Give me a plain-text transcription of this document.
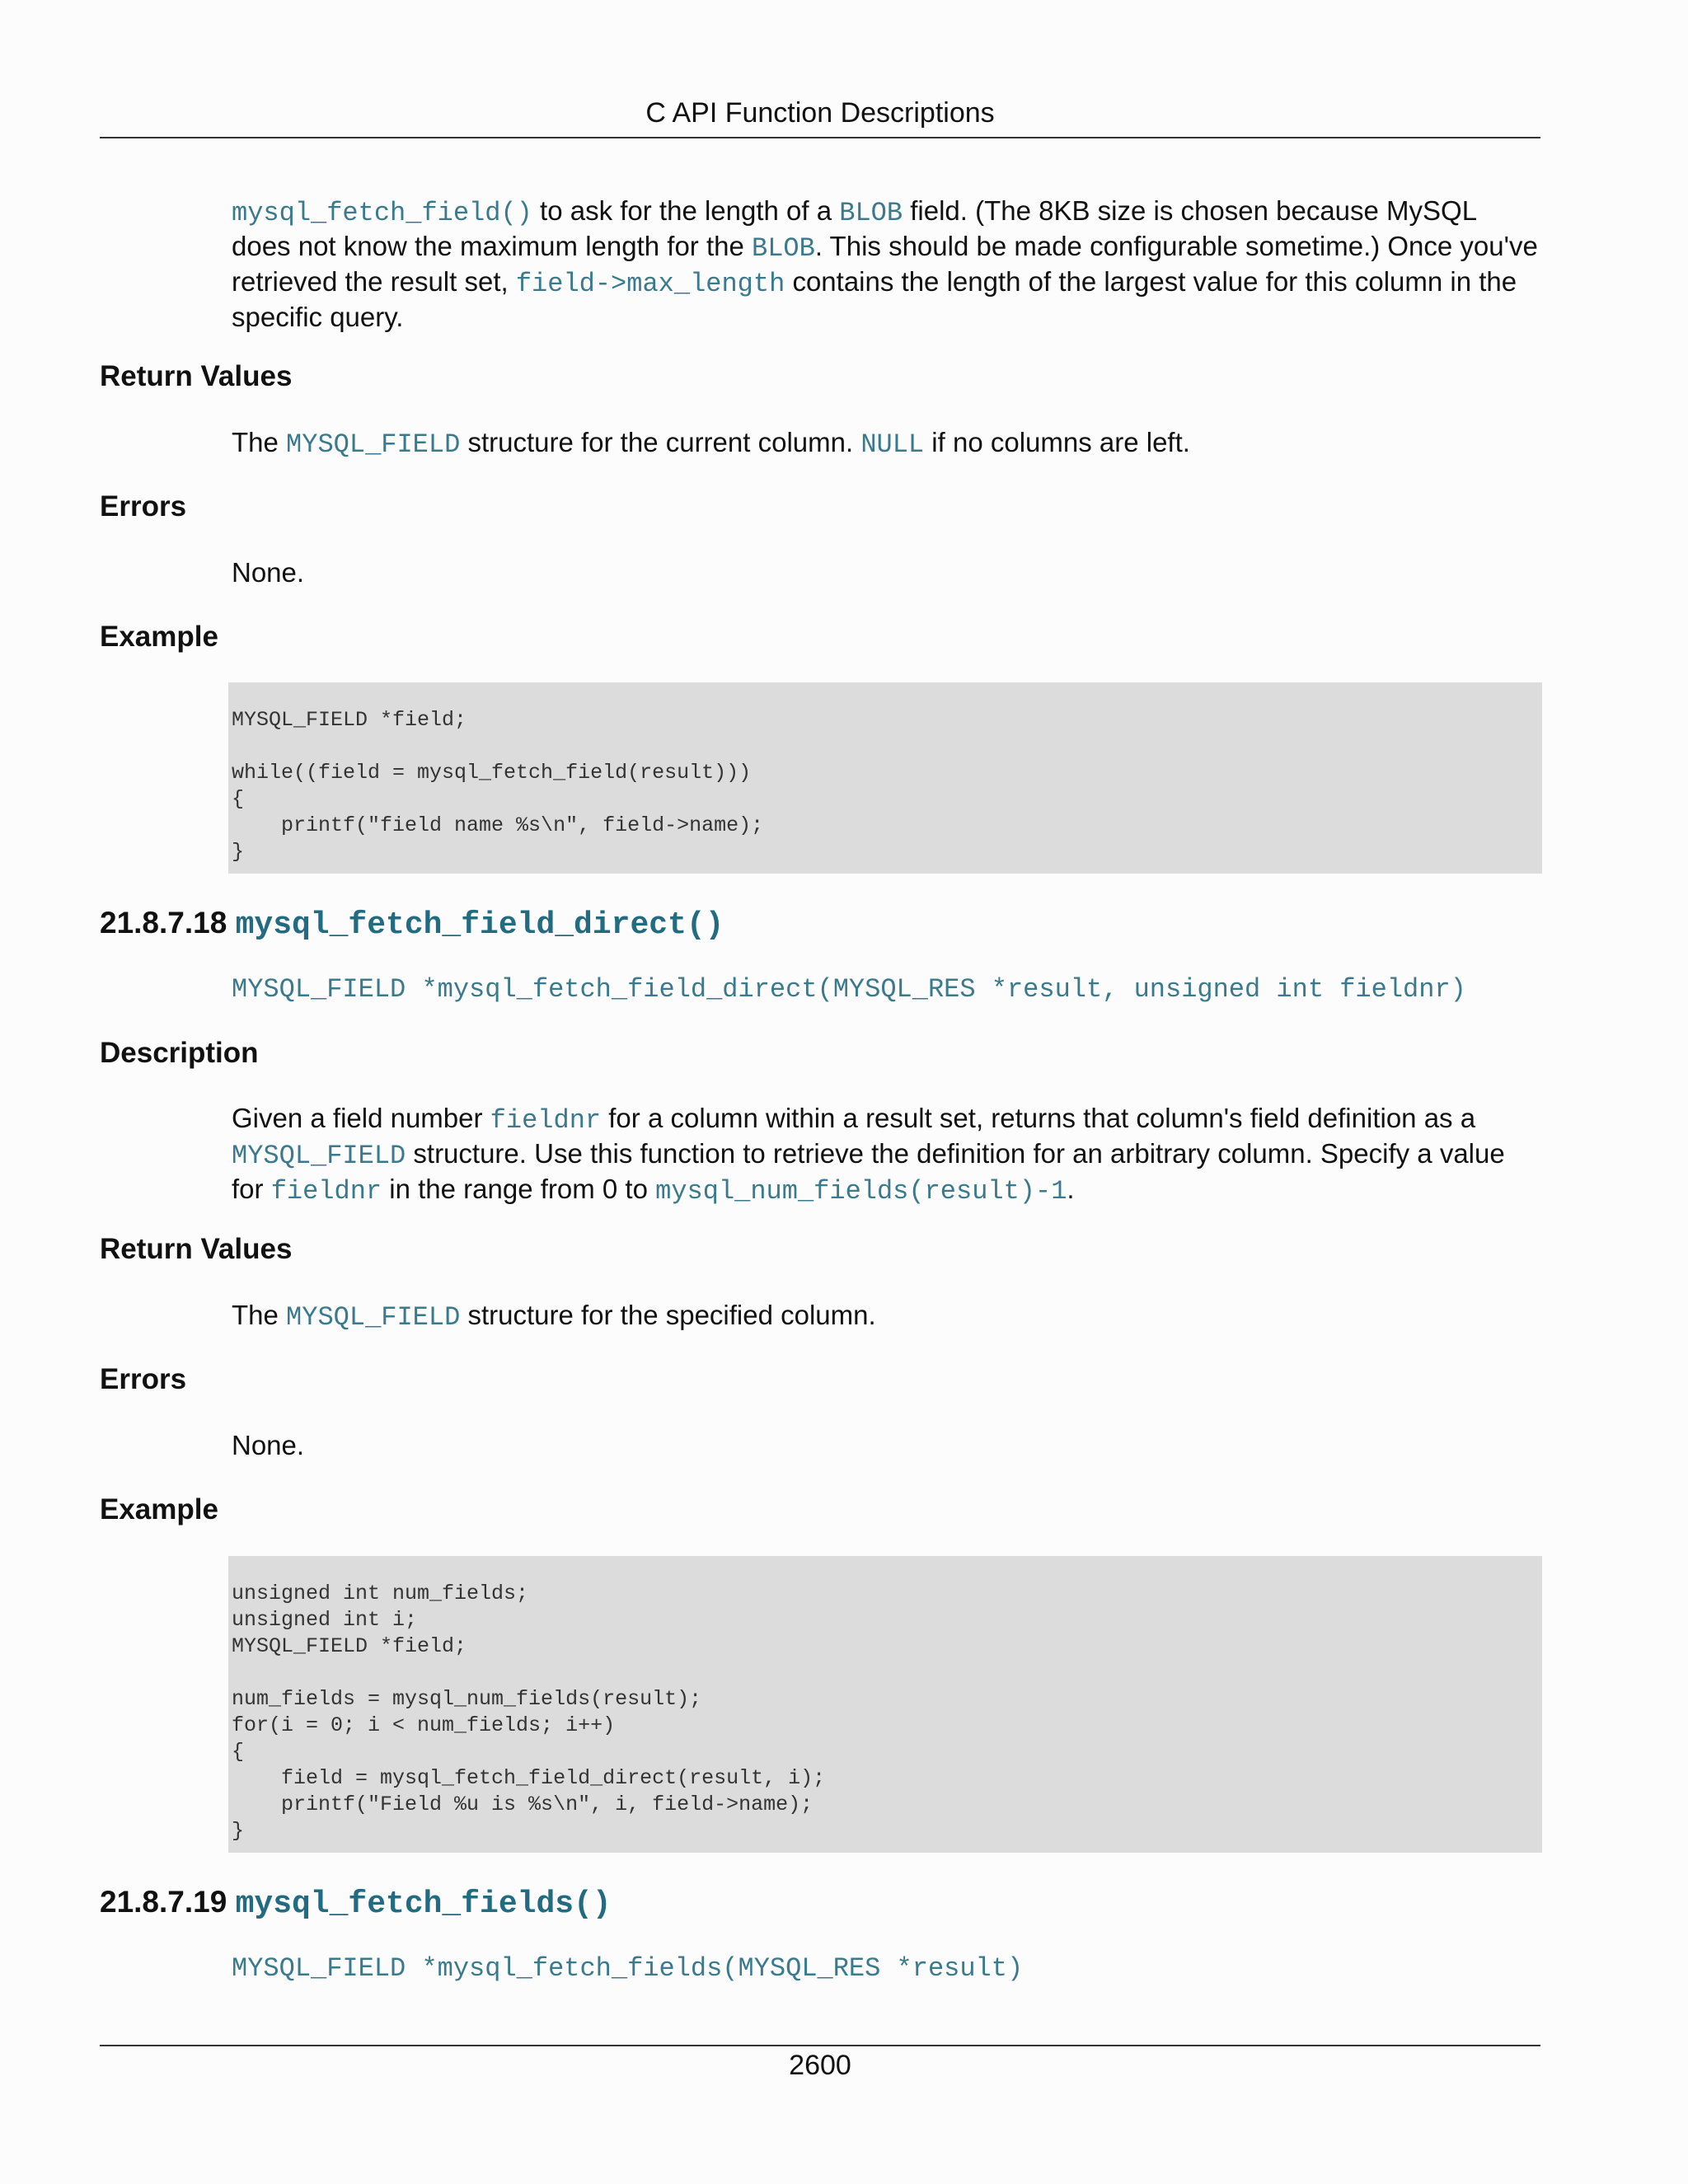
C API Function Descriptions

mysql_fetch_field() to ask for the length of a BLOB field. (The 8KB size is chosen because MySQL does not know the maximum length for the BLOB. This should be made configurable sometime.) Once you've retrieved the result set, field->max_length contains the length of the largest value for this column in the specific query.

Return Values

The MYSQL_FIELD structure for the current column. NULL if no columns are left.

Errors

None.

Example
MYSQL_FIELD *field;

while((field = mysql_fetch_field(result)))
{
printf("field name %s\n", field->name);
}
21.8.7.18 mysql_fetch_field_direct()
MYSQL_FIELD *mysql_fetch_field_direct(MYSQL_RES *result, unsigned int fieldnr)
Description

Given a field number fieldnr for a column within a result set, returns that column's field definition as a MYSQL_FIELD structure. Use this function to retrieve the definition for an arbitrary column. Specify a value for fieldnr in the range from 0 to mysql_num_fields(result)-1.

Return Values

The MYSQL_FIELD structure for the specified column.

Errors

None.

Example
unsigned int num_fields;
unsigned int i;
MYSQL_FIELD *field;

num_fields = mysql_num_fields(result);
for(i = 0; i < num_fields; i++)
{
field = mysql_fetch_field_direct(result, i);
printf("Field %u is %s\n", i, field->name);
}
21.8.7.19 mysql_fetch_fields()
MYSQL_FIELD *mysql_fetch_fields(MYSQL_RES *result)
2600
